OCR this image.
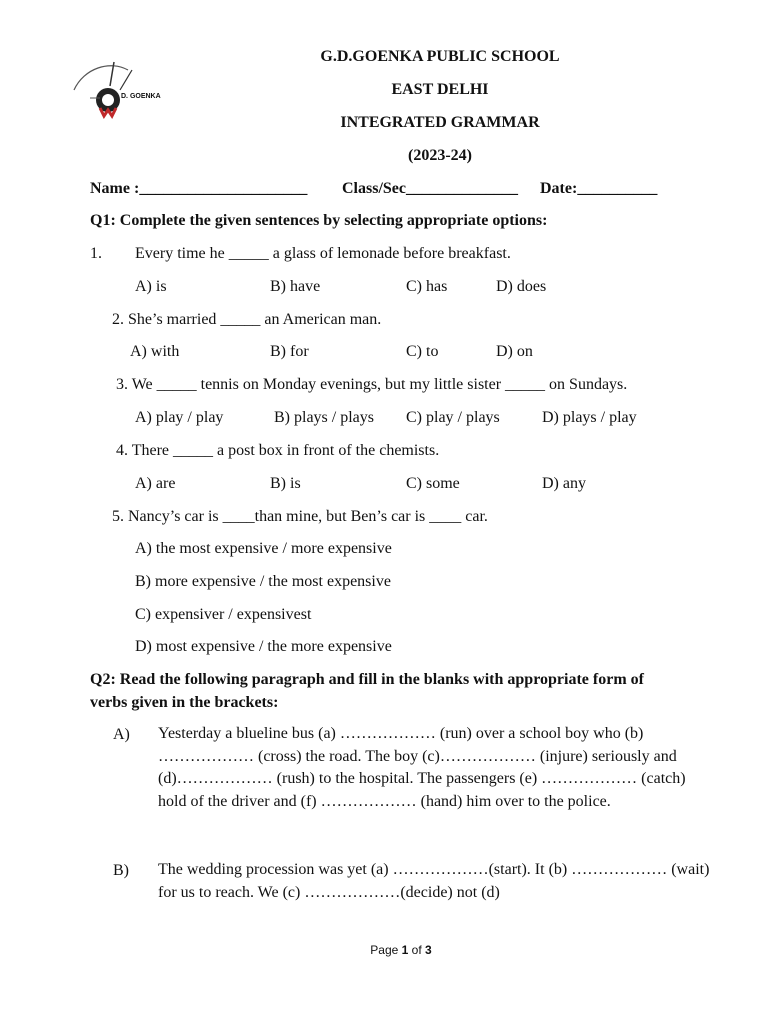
D. GOENKA
G.D.GOENKA PUBLIC SCHOOL
EAST DELHI
INTEGRATED GRAMMAR
(2023-24)
Name :_____________________ Class/Sec______________ Date:__________
Q1: Complete the given sentences by selecting appropriate options:
1. Every time he _____ a glass of lemonade before breakfast.
A) is	B) have	C) has	D) does
2. She’s married _____ an American man.
A) with	B) for	C) to	D) on
3. We _____ tennis on Monday evenings, but my little sister _____ on Sundays.
A) play / play	B) plays / plays C) play / plays	D) plays / play
4. There _____ a post box in front of the chemists.
A) are	B) is	C) some	D) any
5. Nancy’s car is ____than mine, but Ben’s car is ____ car.
A) the most expensive / more expensive
B) more expensive / the most expensive
C) expensiver / expensivest
D) most expensive / the more expensive
Q2: Read the following paragraph and fill in the blanks with appropriate form of
verbs given in the brackets:
A) Yesterday a blueline bus (a) ……………… (run) over a school boy who (b) ……………… (cross) the road. The boy (c)……………… (injure) seriously and (d)……………… (rush) to the hospital. The passengers (e) ……………… (catch) hold of the driver and (f) ……………… (hand) him over to the police.
B) The wedding procession was yet (a) ………………(start). It (b) ……………… (wait) for us to reach. We (c) ………………(decide) not (d)
Page 1 of 3
